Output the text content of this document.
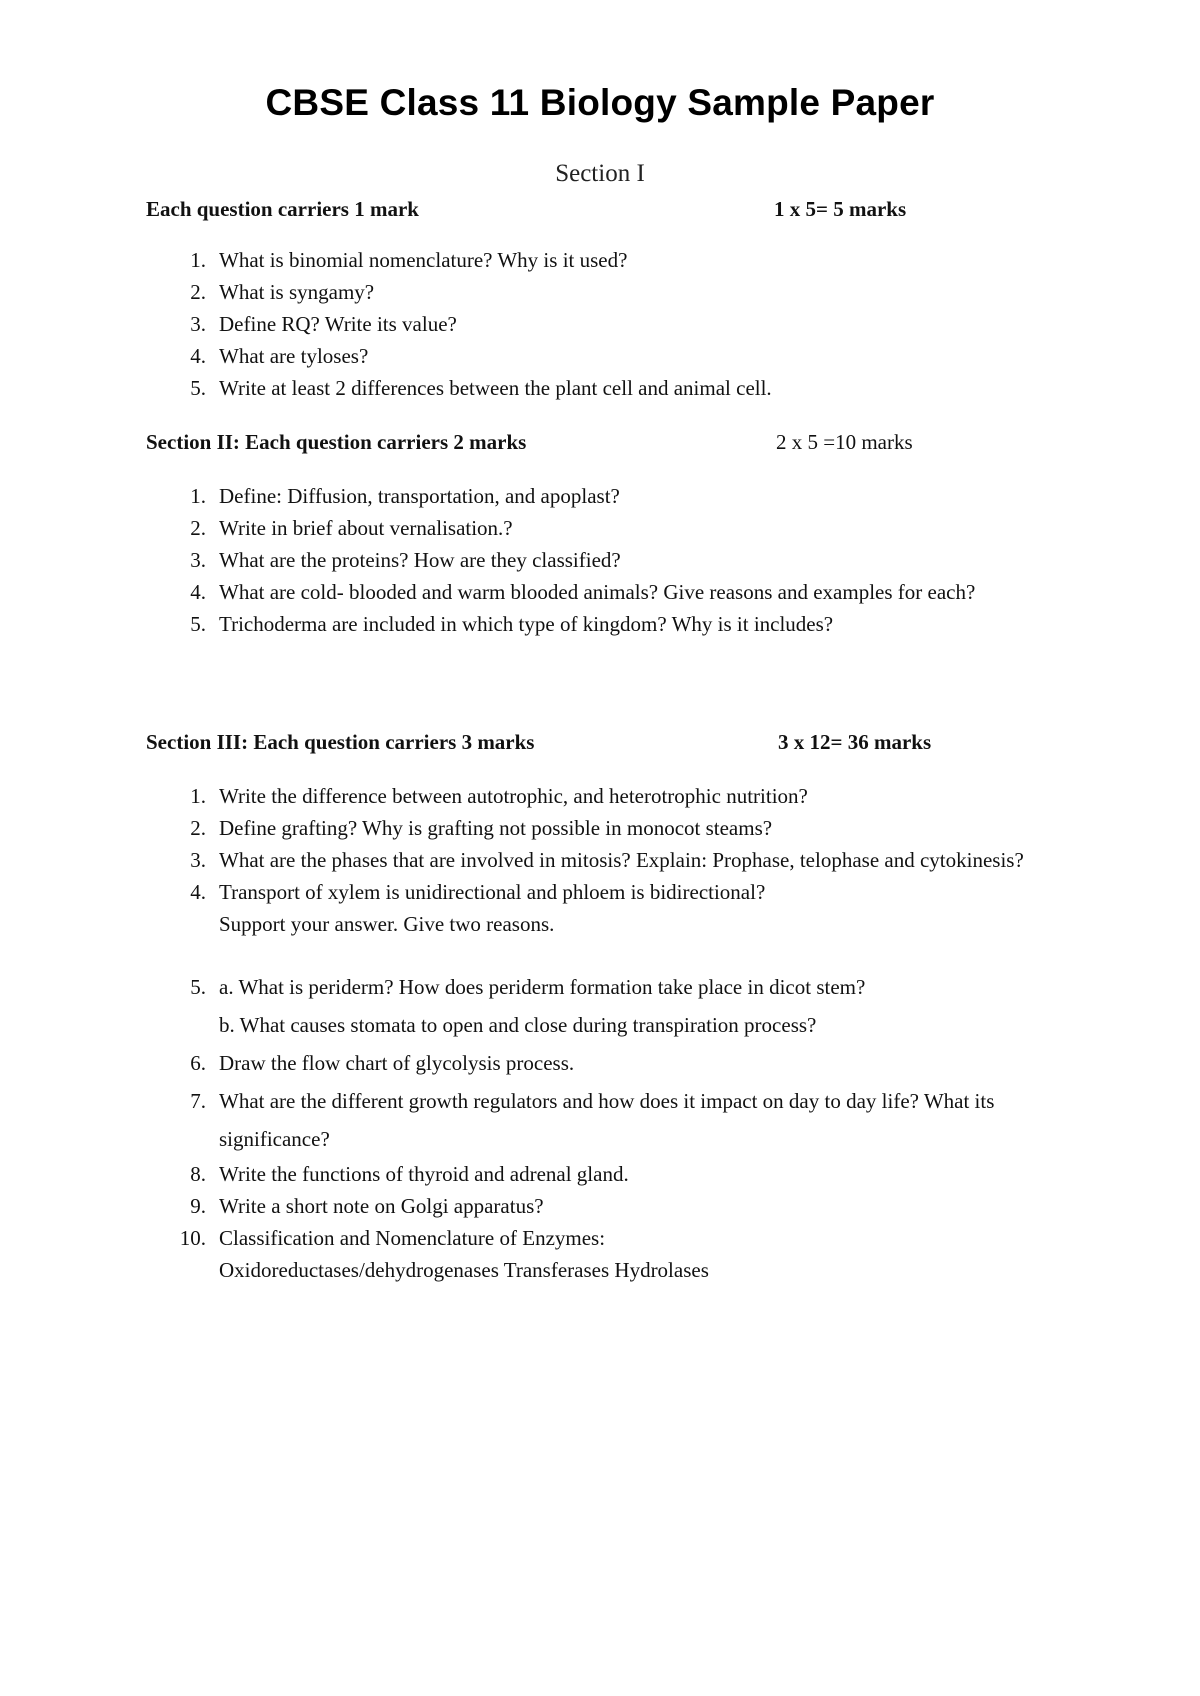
CBSE Class 11 Biology Sample Paper
Section I
Each question carriers 1 mark	1 x 5= 5 marks
1 . What is binomial nomenclature? Why is it used?
2 . What is syngamy?
3 . Define RQ? Write its value?
4 . What are tyloses?
5 . Write at least 2 differences between the plant cell and animal cell.
Section II: Each question carriers 2 marks	2 x 5 =10 marks
1 . Define: Diffusion, transportation, and apoplast?
2 . Write in brief about vernalisation.?
3 . What are the proteins? How are they classified?
4 . What are cold- blooded and warm blooded animals? Give reasons and examples for each?
5 . Trichoderma are included in which type of kingdom? Why is it includes?
Section III: Each question carriers 3 marks	3 x 12= 36 marks
1 . Write the difference between autotrophic, and heterotrophic nutrition?
2 . Define grafting? Why is grafting not possible in monocot steams?
3 . What are the phases that are involved in mitosis? Explain: Prophase, telophase and cytokinesis?
4 . Transport of xylem is unidirectional and phloem is bidirectional?
Support your answer. Give two reasons.
5 . a. What is periderm? How does periderm formation take place in dicot stem?
b. What causes stomata to open and close during transpiration process?
6 . Draw the flow chart of glycolysis process.
7 . What are the different growth regulators and how does it impact on day to day life? What its significance?
8 . Write the functions of thyroid and adrenal gland.
9 . Write a short note on Golgi apparatus?
10 . Classification and Nomenclature of Enzymes:
Oxidoreductases/dehydrogenases Transferases Hydrolases
